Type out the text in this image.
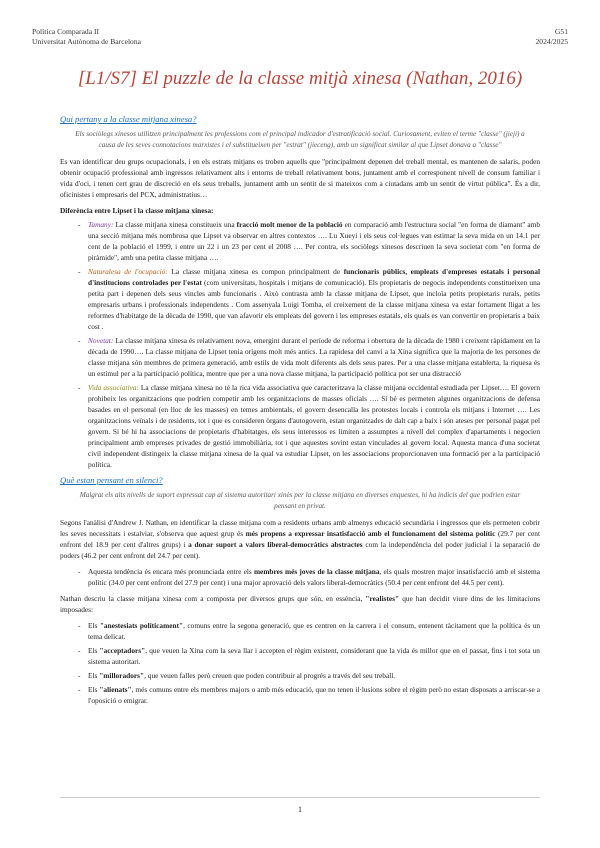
Política Comparada II
Universitat Autònoma de Barcelona
G51
2024/2025
[L1/S7] El puzzle de la classe mitjà xinesa (Nathan, 2016)
Qui pertany a la classe mitjana xinesa?
Els sociòlegs xinesos utilitzen principalment les professions com el principal indicador d'estratificació social. Curiosament, eviten el terme "classe" (jieji) a causa de les seves connotacions marxistes i el substitueixen per "estrat" (jieceng), amb un significat similar al que Lipset donava a "classe"

Es van identificar deu grups ocupacionals, i en els estrats mitjans es troben aquells que "principalment depenen del treball mental, es mantenen de salaris, poden obtenir ocupació professional amb ingressos relativament alts i entorns de treball relativament bons, juntament amb el corresponent nivell de consum familiar i vida d'oci, i tenen cert grau de discreció en els seus treballs, juntament amb un sentit de si mateixos com a ciutadans amb un sentit de virtut pública". És a dir, oficinistes i empresaris del PCX, administratius…

Diferència entre Lipset i la classe mitjana xinesa:
- Tamany: La classe mitjana xinesa constitueix una fracció molt menor de la població en comparació amb l'estructura social "en forma de diamant" amb una secció mitjana més nombrosa que Lipset va observar en altres contextos …. Lu Xueyi i els seus col·legues van estimar la seva mida en un 14.1 per cent de la població el 1999, i entre un 22 i un 23 per cent el 2008 …. Per contra, els sociòlegs xinesos descriuen la seva societat com "en forma de piràmide", amb una petita classe mitjana ….
- Naturalesa de l'ocupació: La classe mitjana xinesa es compon principalment de funcionaris públics, empleats d'empreses estatals i personal d'institucions controlades per l'estat (com universitats, hospitals i mitjans de comunicació). Els propietaris de negocis independents constitueixen una petita part i depenen dels seus vincles amb funcionaris . Això contrasta amb la classe mitjana de Lipset, que incloïa petits propietaris rurals, petits empresaris urbans i professionals independents . Com assenyala Luigi Tomba, el creixement de la classe mitjana xinesa va estar fortament lligat a les reformes d'habitatge de la dècada de 1990, que van afavorir els empleats del govern i les empreses estatals, els quals es van convertir en propietaris a baix cost .
- Novetat: La classe mitjana xinesa és relativament nova, emergint durant el període de reforma i obertura de la dècada de 1980 i creixent ràpidament en la dècada de 1990…. La classe mitjana de Lipset tenia orígens molt més antics. La rapidesa del canvi a la Xina significa que la majoria de les persones de classe mitjana són membres de primera generació, amb estils de vida molt diferents als dels seus pares. Per a una classe mitjana establerta, la riquesa és un estímul per a la participació política, mentre que per a una nova classe mitjana, la participació política pot ser una distracció
- Vida associativa: La classe mitjana xinesa no té la rica vida associativa que caracteritzava la classe mitjana occidental estudiada per Lipset…. El govern prohibeix les organitzacions que podrien competir amb les organitzacions de masses oficials …. Sí bé es permeten algunes organitzacions de defensa basades en el personal (en lloc de les masses) en temes ambientals, el govern desencalla les protestes locals i controla els mitjans i Internet …. Les organitzacions veïnals i de residents, tot i que es consideren òrgans d'autogovern, estan organitzades de dalt cap a baix i són ateses per personal pagat pel govern. Si bé hi ha associacions de propietaris d'habitatges, els seus interessos es limiten a assumptes a nivell del complex d'apartaments i negocien principalment amb empreses privades de gestió immobiliària, tot i que aquestes sovint estan vinculades al govern local. Aquesta manca d'una societat civil independent distingeix la classe mitjana xinesa de la qual va estudiar Lipset, on les associacions proporcionaven una formació per a la participació política.
Què estan pensant en silenci?
Malgrat els alts nivells de suport expressat cap al sistema autoritari xinès per la classe mitjana en diverses enquestes, hi ha indicis del que podrien estar pensant en privat.

Segons l'anàlisi d'Andrew J. Nathan, en identificar la classe mitjana com a residents urbans amb almenys educació secundària i ingressos que els permeten cobrir les seves necessitats i estalviar, s'observa que aquest grup és més propens a expressar insatisfacció amb el funcionament del sistema polític (29.7 per cent enfront del 18.9 per cent d'altres grups) i a donar suport a valors liberal-democràtics abstractes com la independència del poder judicial i la separació de poders (46.2 per cent enfront del 24.7 per cent).

- Aquesta tendència és encara més pronunciada entre els membres més joves de la classe mitjana, els quals mostren major insatisfacció amb el sistema polític (34.0 per cent enfront del 27.9 per cent) i una major aprovació dels valors liberal-democràtics (50.4 per cent enfront del 44.5 per cent).

Nathan descriu la classe mitjana xinesa com a composta per diversos grups que són, en essència, "realistes" que han decidit viure dins de les limitacions imposades:

- Els "anestesiats políticament", comuns entre la segona generació, que es centren en la carrera i el consum, entenent tàcitament que la política és un tema delicat.
- Els "acceptadors", que veuen la Xina com la seva llar i accepten el règim existent, considerant que la vida és millor que en el passat, fins i tot sota un sistema autoritari.
- Els "milloradors", que veuen falles però creuen que poden contribuir al progrés a través del seu treball.
- Els "alienats", més comuns entre els membres majors o amb més educació, que no tenen il·lusions sobre el règim però no estan disposats a arriscar-se a l'oposició o emigrar.
1
